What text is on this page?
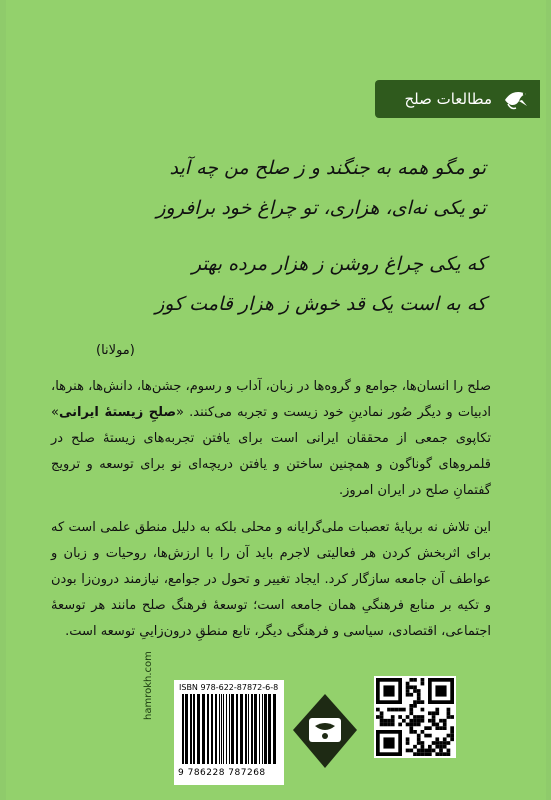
مطالعات صلح
تو مگو همه به جنگند و ز صلح من چه آید
تو یکی نه‌ای، هزاری، تو چراغ خود برافروز
که یکی چراغ روشن ز هزار مرده بهتر
که به است یک قد خوش ز هزار قامت کوز
(مولانا)
صلح را انسان‌ها، جوامع و گروه‌ها در زبان، آداب و رسوم، جشن‌ها، دانش‌ها، هنرها، ادبیات و دیگر صُور نمادینِ خود زیست و تجربه می‌کنند. «صلحِ زیستهٔ ایرانی» تکاپوی جمعی از محققان ایرانی است برای یافتن تجربه‌های زیستهٔ صلح در قلمروهای گوناگون و همچنین ساختن و یافتن دریچه‌ای نو برای توسعه و ترویج گفتمانِ صلح در ایران امروز.
این تلاش نه برپایهٔ تعصبات ملی‌گرایانه و محلی بلکه به دلیل منطق علمی است که برای اثربخش کردن هر فعالیتی لاجرم باید آن را با ارزش‌ها، روحیات و زبان و عواطف آن جامعه سازگار کرد. ایجاد تغییر و تحول در جوامع، نیازمند درون‌زا بودن و تکیه بر منابع فرهنگیِ همان جامعه است؛ توسعهٔ فرهنگ صلح مانند هر توسعهٔ اجتماعی، اقتصادی، سیاسی و فرهنگی دیگر، تابع منطقِ درون‌زاییِ توسعه است.
hamrokh.com	ISBN 978-622-87872-6-8
9 786228 787268
